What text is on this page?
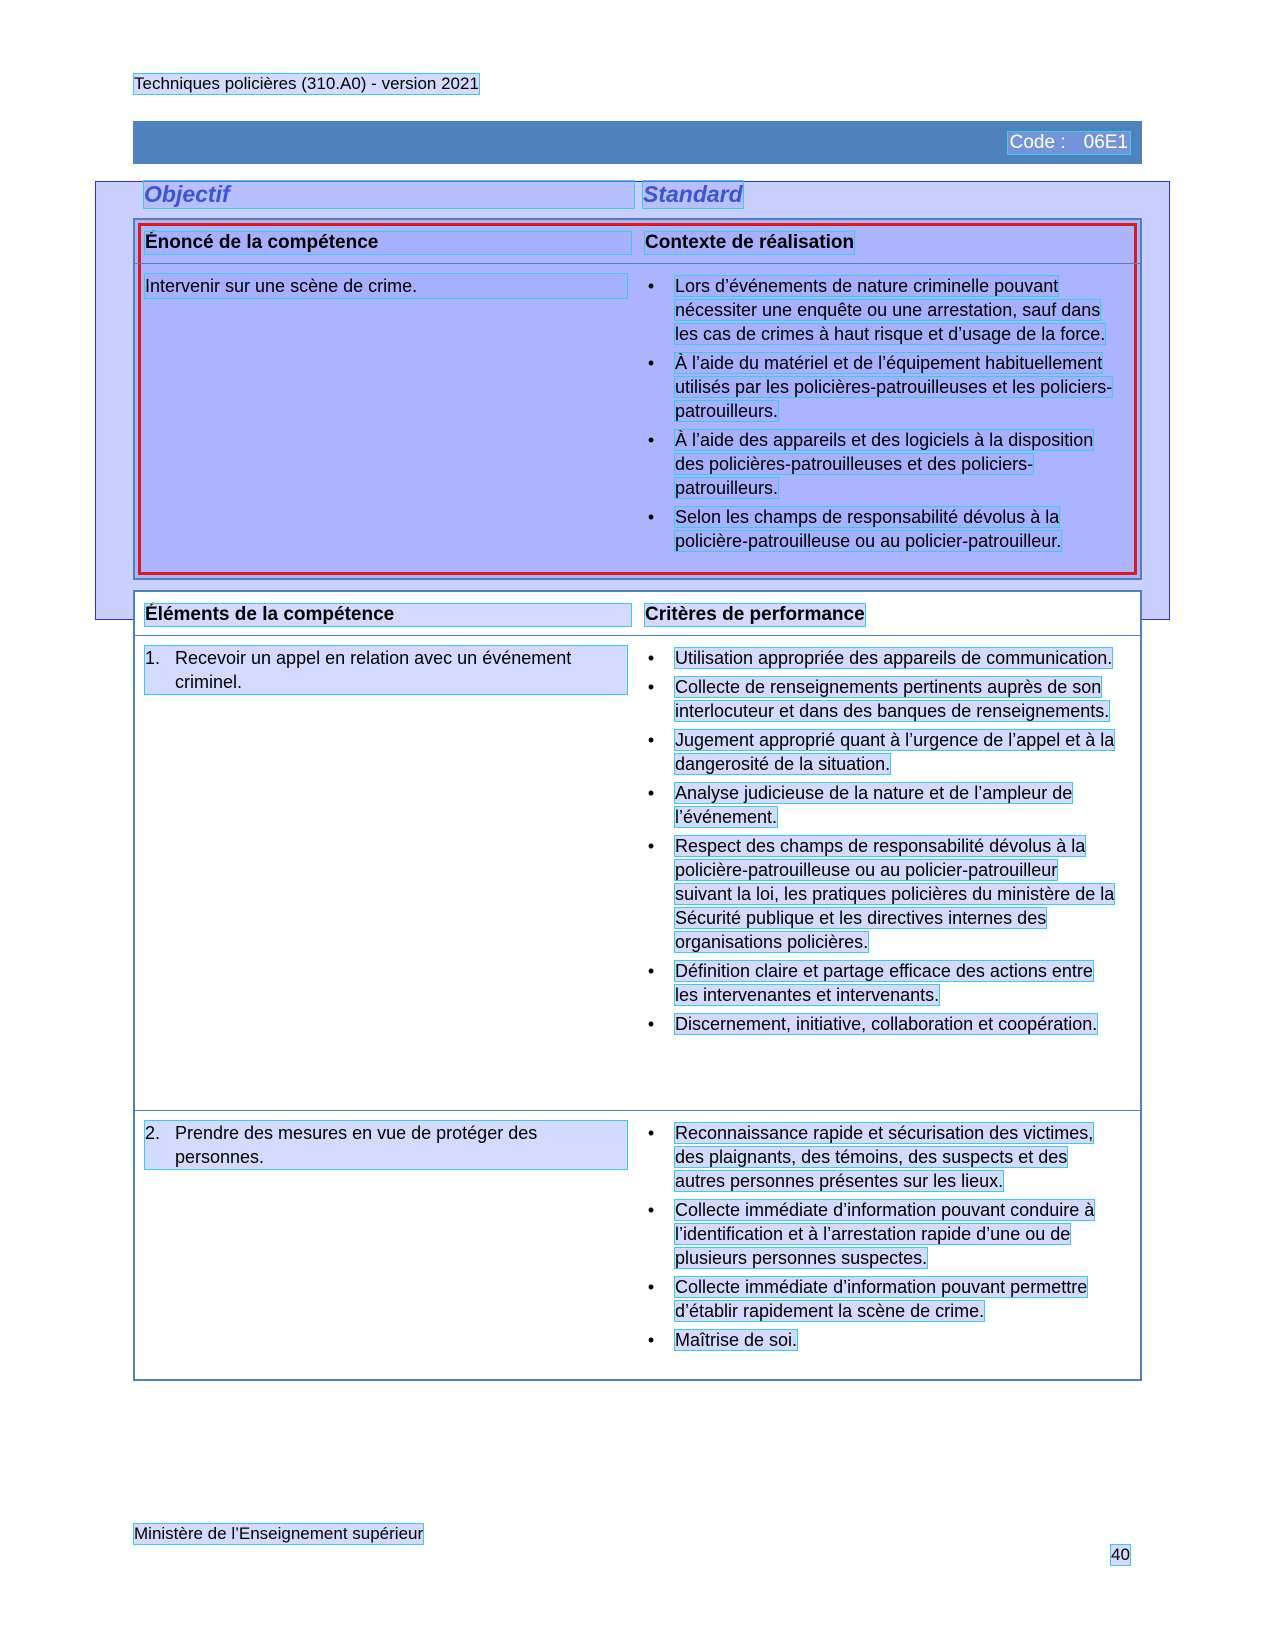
Techniques policières (310.A0) - version 2021
Code : 06E1
Objectif	Standard
Énoncé de la compétence	Contexte de réalisation
Intervenir sur une scène de crime.
•	Lors d’événements de nature criminelle pouvant nécessiter une enquête ou une arrestation, sauf dans les cas de crimes à haut risque et d’usage de la force.
• À l’aide du matériel et de l’équipement habituellement utilisés par les policières-patrouilleuses et les policiers-patrouilleurs.
• À l’aide des appareils et des logiciels à la disposition des policières-patrouilleuses et des policiers-patrouilleurs.
• Selon les champs de responsabilité dévolus à la policière-patrouilleuse ou au policier-patrouilleur.
Éléments de la compétence	Critères de performance
1. Recevoir un appel en relation avec un événement criminel.
• Utilisation appropriée des appareils de communication.
• Collecte de renseignements pertinents auprès de son interlocuteur et dans des banques de renseignements.
• Jugement approprié quant à l’urgence de l’appel et à la dangerosité de la situation.
• Analyse judicieuse de la nature et de l’ampleur de l’événement.
• Respect des champs de responsabilité dévolus à la policière-patrouilleuse ou au policier-patrouilleur suivant la loi, les pratiques policières du ministère de la Sécurité publique et les directives internes des organisations policières.
• Définition claire et partage efficace des actions entre les intervenantes et intervenants.
• Discernement, initiative, collaboration et coopération.
2. Prendre des mesures en vue de protéger des personnes.
• Reconnaissance rapide et sécurisation des victimes, des plaignants, des témoins, des suspects et des autres personnes présentes sur les lieux.
• Collecte immédiate d’information pouvant conduire à l’identification et à l’arrestation rapide d’une ou de plusieurs personnes suspectes.
• Collecte immédiate d’information pouvant permettre d’établir rapidement la scène de crime.
• Maîtrise de soi.
Ministère de l’Enseignement supérieur
40
